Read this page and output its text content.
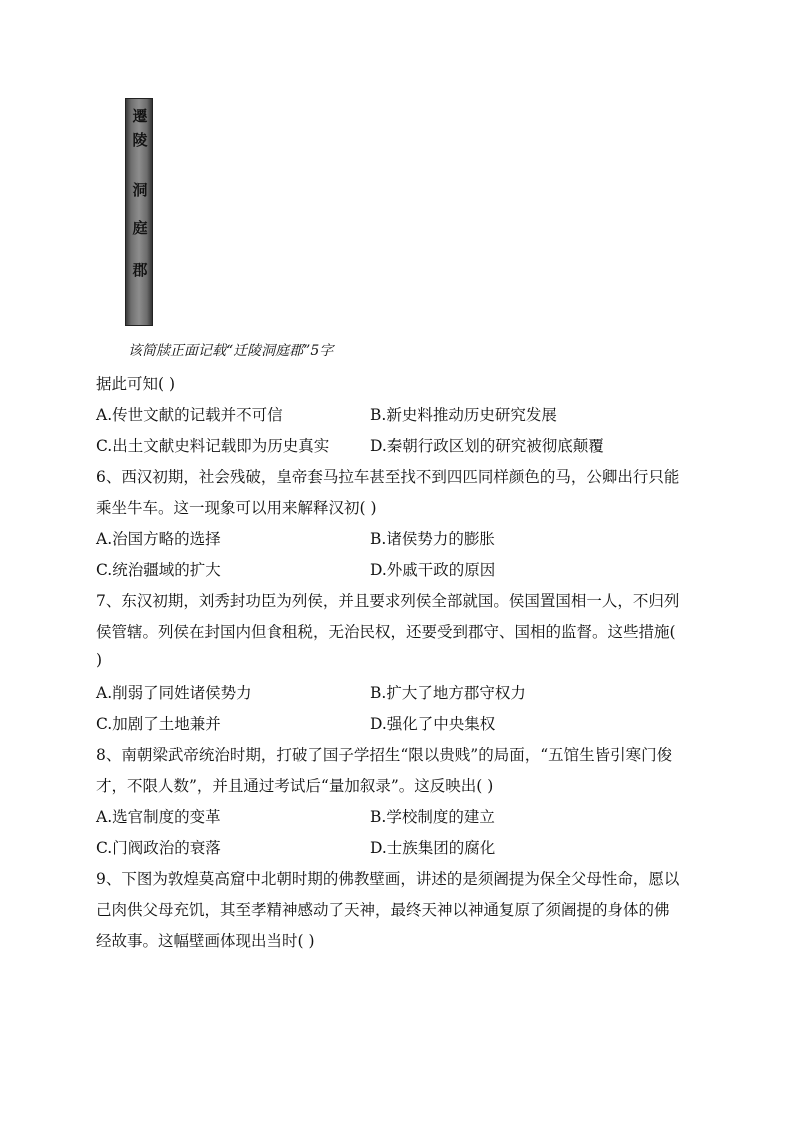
遷
陵
洞
庭
郡
该简牍正面记载“迁陵洞庭郡”5字
据此可知( )
A.传世文献的记载并不可信	B.新史料推动历史研究发展
C.出土文献史料记载即为历史真实	D.秦朝行政区划的研究被彻底颠覆
6、西汉初期，社会残破，皇帝套马拉车甚至找不到四匹同样颜色的马，公卿出行只能
乘坐牛车。这一现象可以用来解释汉初( )
A.治国方略的选择	B.诸侯势力的膨胀
C.统治疆域的扩大	D.外戚干政的原因
7、东汉初期，刘秀封功臣为列侯，并且要求列侯全部就国。侯国置国相一人，不归列
侯管辖。列侯在封国内但食租税，无治民权，还要受到郡守、国相的监督。这些措施(
)
A.削弱了同姓诸侯势力	B.扩大了地方郡守权力
C.加剧了土地兼并	D.强化了中央集权
8、南朝梁武帝统治时期，打破了国子学招生“限以贵贱”的局面，“五馆生皆引寒门俊
才，不限人数”，并且通过考试后“量加叙录”。这反映出( )
A.选官制度的变革	B.学校制度的建立
C.门阀政治的衰落	D.士族集团的腐化
9、下图为敦煌莫高窟中北朝时期的佛教壁画，讲述的是须阇提为保全父母性命，愿以
己肉供父母充饥，其至孝精神感动了天神，最终天神以神通复原了须阇提的身体的佛
经故事。这幅壁画体现出当时( )
